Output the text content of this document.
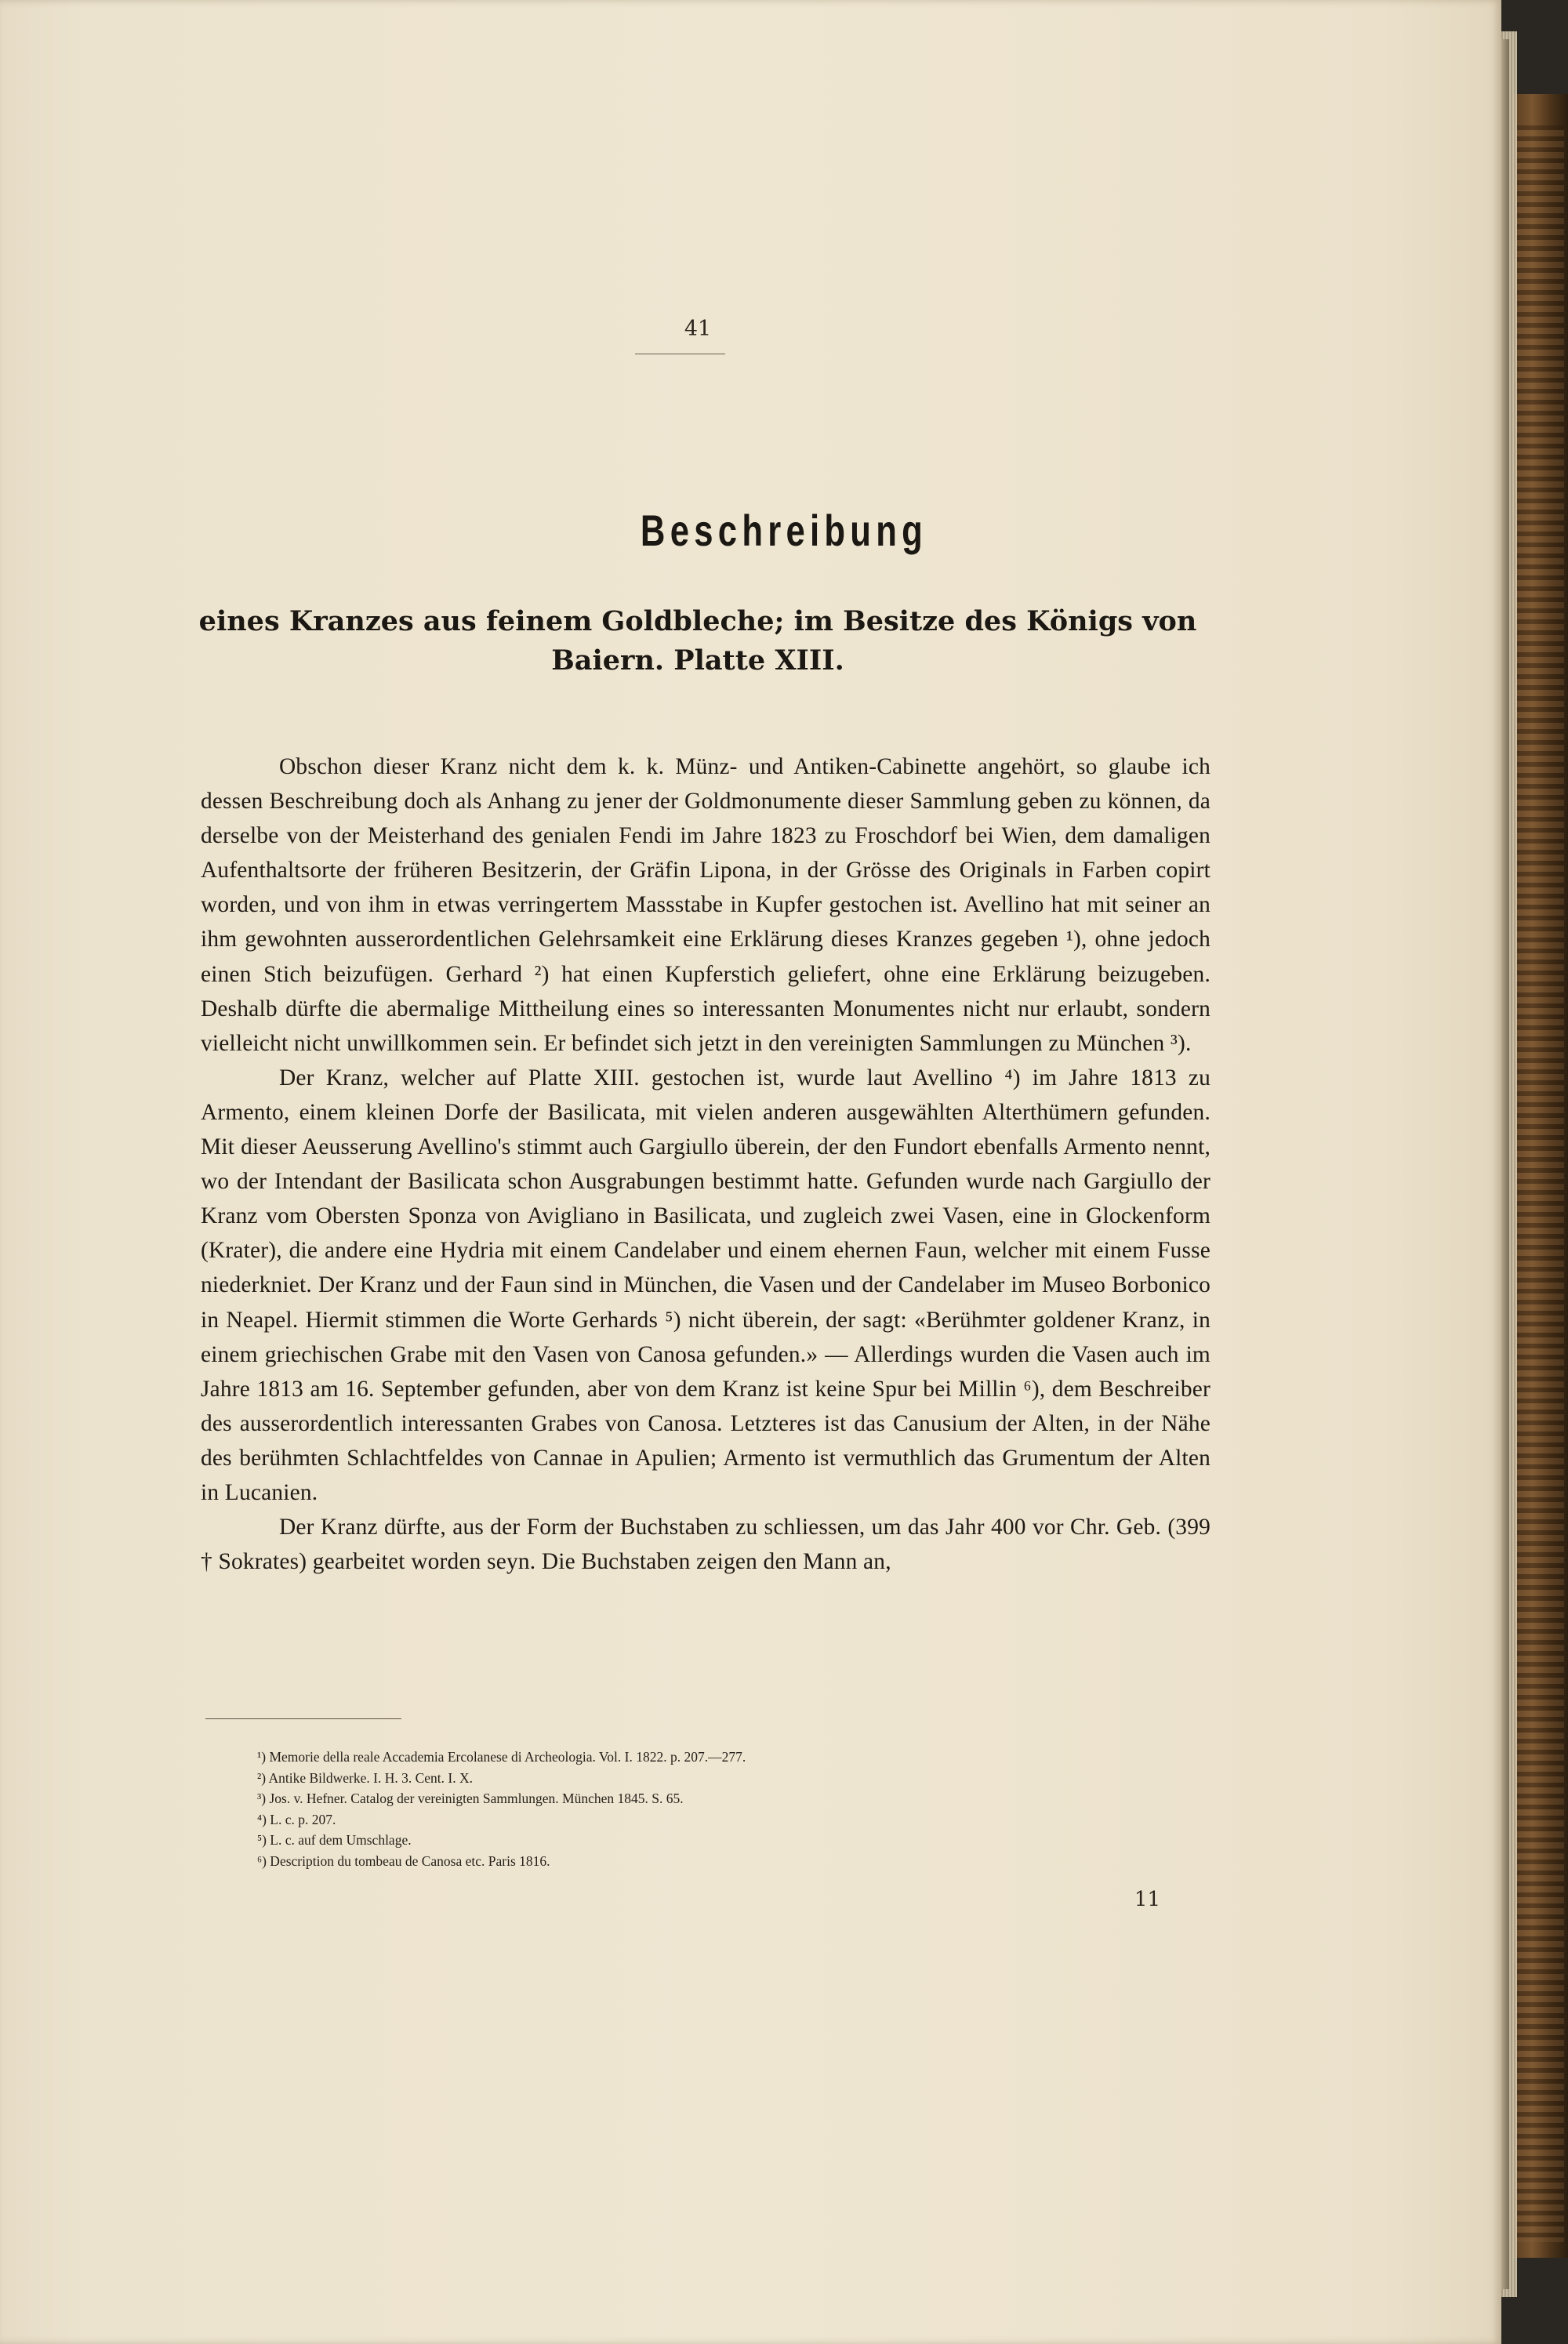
41
Beschreibung
eines Kranzes aus feinem Goldbleche; im Besitze des Königs von Baiern. Platte XIII.

Obschon dieser Kranz nicht dem k. k. Münz- und Antiken-Cabinette angehört, so glaube ich dessen Beschreibung doch als Anhang zu jener der Goldmonumente dieser Sammlung geben zu können, da derselbe von der Meisterhand des genialen Fendi im Jahre 1823 zu Froschdorf bei Wien, dem damaligen Aufenthaltsorte der früheren Besitzerin, der Gräfin Lipona, in der Grösse des Originals in Farben copirt worden, und von ihm in etwas verringertem Massstabe in Kupfer gestochen ist. Avellino hat mit seiner an ihm gewohnten ausserordentlichen Gelehrsamkeit eine Erklärung dieses Kranzes gegeben ¹), ohne jedoch einen Stich beizufügen. Gerhard ²) hat einen Kupferstich geliefert, ohne eine Erklärung beizugeben. Deshalb dürfte die abermalige Mittheilung eines so interessanten Monumentes nicht nur erlaubt, sondern vielleicht nicht unwillkommen sein. Er befindet sich jetzt in den vereinigten Sammlungen zu München ³).

Der Kranz, welcher auf Platte XIII. gestochen ist, wurde laut Avellino ⁴) im Jahre 1813 zu Armento, einem kleinen Dorfe der Basilicata, mit vielen anderen ausgewählten Alterthümern gefunden. Mit dieser Aeusserung Avellino's stimmt auch Gargiullo überein, der den Fundort ebenfalls Armento nennt, wo der Intendant der Basilicata schon Ausgrabungen bestimmt hatte. Gefunden wurde nach Gargiullo der Kranz vom Obersten Sponza von Avigliano in Basilicata, und zugleich zwei Vasen, eine in Glockenform (Krater), die andere eine Hydria mit einem Candelaber und einem ehernen Faun, welcher mit einem Fusse niederkniet. Der Kranz und der Faun sind in München, die Vasen und der Candelaber im Museo Borbonico in Neapel. Hiermit stimmen die Worte Gerhards ⁵) nicht überein, der sagt: «Berühmter goldener Kranz, in einem griechischen Grabe mit den Vasen von Canosa gefunden.» — Allerdings wurden die Vasen auch im Jahre 1813 am 16. September gefunden, aber von dem Kranz ist keine Spur bei Millin ⁶), dem Beschreiber des ausserordentlich interessanten Grabes von Canosa. Letzteres ist das Canusium der Alten, in der Nähe des berühmten Schlachtfeldes von Cannae in Apulien; Armento ist vermuthlich das Grumentum der Alten in Lucanien.

Der Kranz dürfte, aus der Form der Buchstaben zu schliessen, um das Jahr 400 vor Chr. Geb. (399 † Sokrates) gearbeitet worden seyn. Die Buchstaben zeigen den Mann an,

¹) Memorie della reale Accademia Ercolanese di Archeologia. Vol. I. 1822. p. 207.—277.
²) Antike Bildwerke. I. H. 3. Cent. I. X.
³) Jos. v. Hefner. Catalog der vereinigten Sammlungen. München 1845. S. 65.
⁴) L. c. p. 207.
⁵) L. c. auf dem Umschlage.
⁶) Description du tombeau de Canosa etc. Paris 1816.
11
